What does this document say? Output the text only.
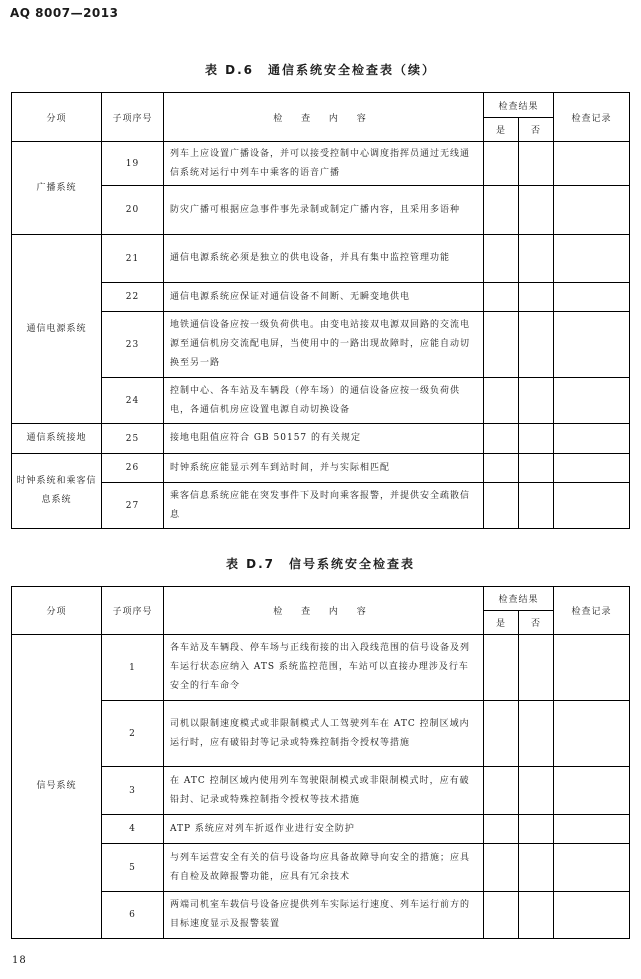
AQ 8007—2013
表 D.6　通信系统安全检查表（续）
分项	子项序号	检 查 内 容	检查结果		检查记录
			是	否	
广播系统	19	列车上应设置广播设备，并可以接受控制中心调度指挥员通过无线通信系统对运行中列车中乘客的语音广播			
	20	防灾广播可根据应急事件事先录制或制定广播内容，且采用多语种			
通信电源系统	21	通信电源系统必须是独立的供电设备，并具有集中监控管理功能			
	22	通信电源系统应保证对通信设备不间断、无瞬变地供电			
	23	地铁通信设备应按一级负荷供电。由变电站接双电源双回路的交流电源至通信机房交流配电屏，当使用中的一路出现故障时，应能自动切换至另一路			
	24	控制中心、各车站及车辆段（停车场）的通信设备应按一级负荷供电，各通信机房应设置电源自动切换设备			
通信系统接地	25	接地电阻值应符合 GB 50157 的有关规定			
时钟系统和乘客信息系统	26	时钟系统应能显示列车到站时间，并与实际相匹配			
	27	乘客信息系统应能在突发事件下及时向乘客报警，并提供安全疏散信息			
表 D.7　信号系统安全检查表
分项	子项序号	检 查 内 容	检查结果		检查记录
			是	否	
信号系统	1	各车站及车辆段、停车场与正线衔接的出入段线范围的信号设备及列车运行状态应纳入 ATS 系统监控范围，车站可以直接办理涉及行车安全的行车命令			
	2	司机以限制速度模式或非限制模式人工驾驶列车在 ATC 控制区域内运行时，应有破铅封等记录或特殊控制指令授权等措施			
	3	在 ATC 控制区域内使用列车驾驶限制模式或非限制模式时，应有破铅封、记录或特殊控制指令授权等技术措施			
	4	ATP 系统应对列车折返作业进行安全防护			
	5	与列车运营安全有关的信号设备均应具备故障导向安全的措施；应具有自检及故障报警功能，应具有冗余技术			
	6	两端司机室车载信号设备应提供列车实际运行速度、列车运行前方的目标速度显示及报警装置			
18
